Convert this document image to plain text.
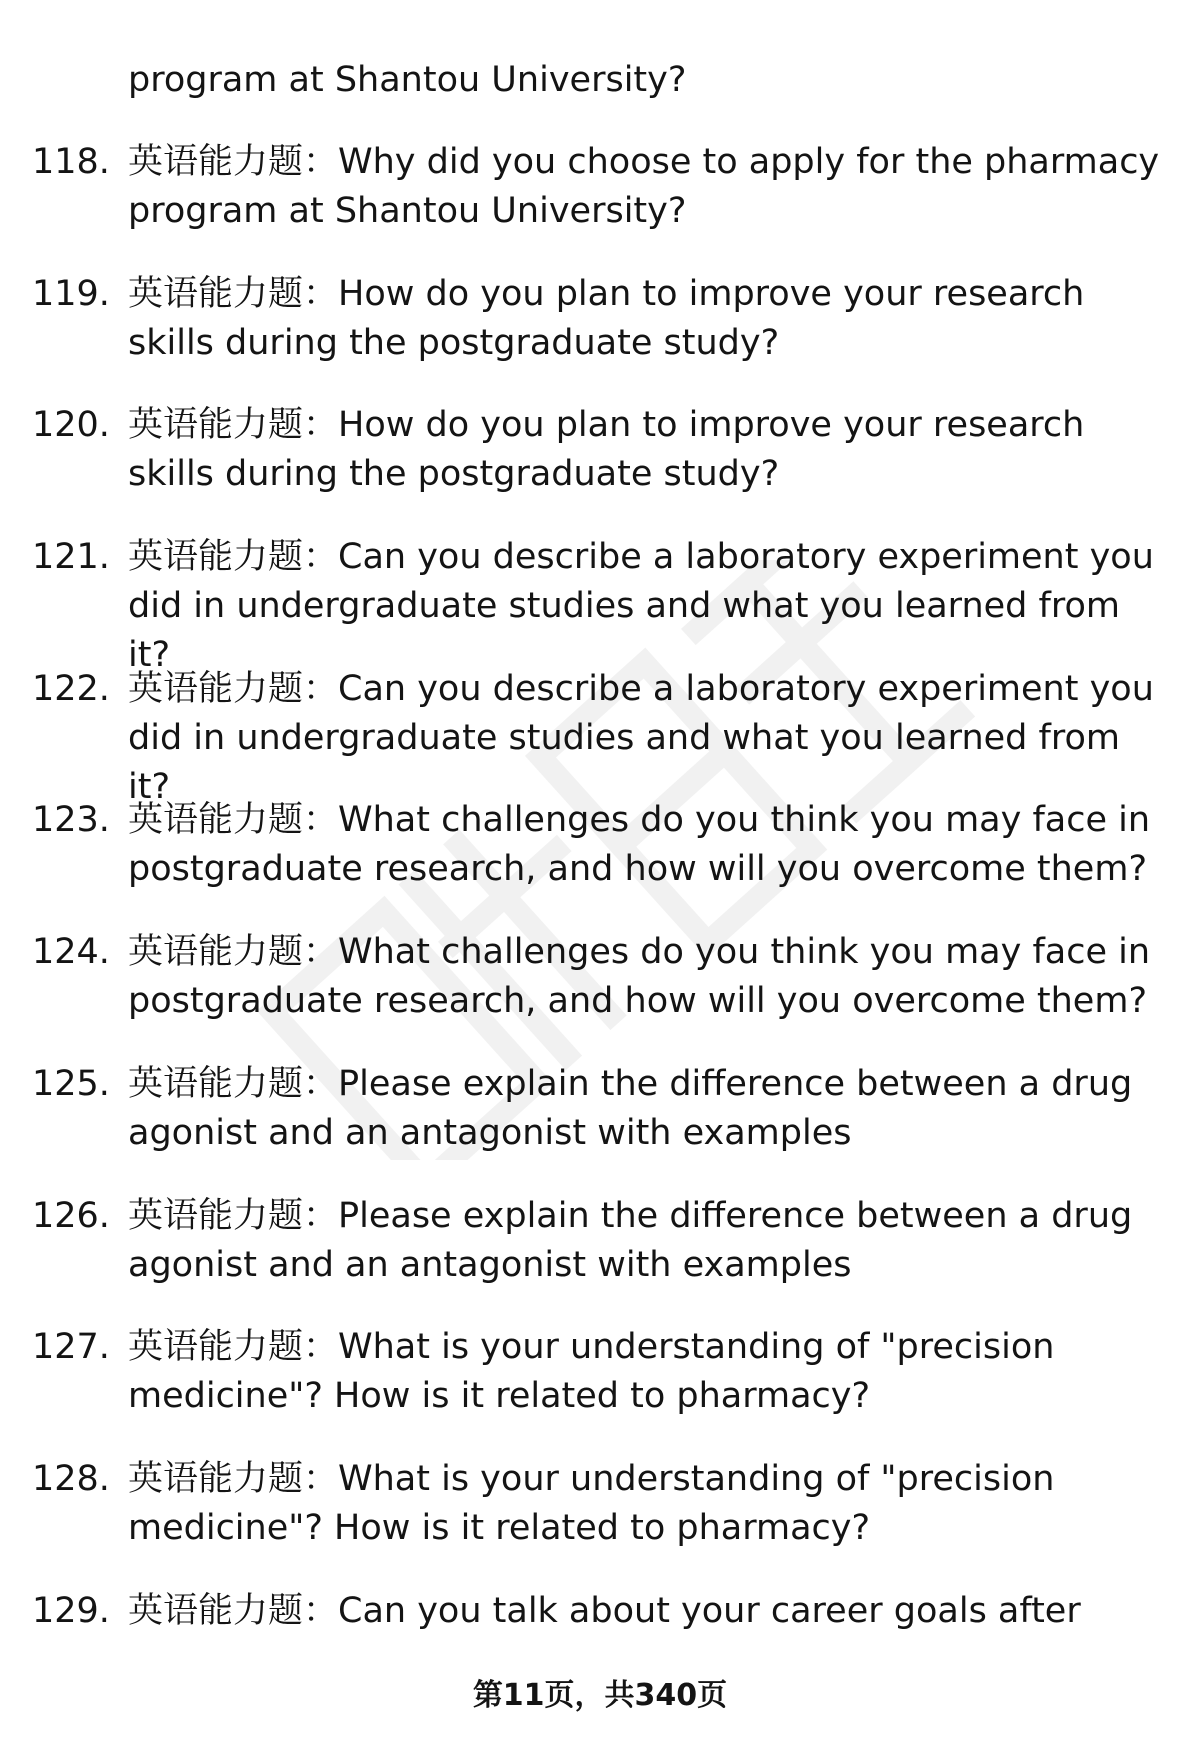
program at Shantou University?
118. 英语能力题：Why did you choose to apply for the pharmacy program at Shantou University?
119. 英语能力题：How do you plan to improve your research skills during the postgraduate study?
120. 英语能力题：How do you plan to improve your research skills during the postgraduate study?
121. 英语能力题：Can you describe a laboratory experiment you did in undergraduate studies and what you learned from it?
122. 英语能力题：Can you describe a laboratory experiment you did in undergraduate studies and what you learned from it?
123. 英语能力题：What challenges do you think you may face in postgraduate research, and how will you overcome them?
124. 英语能力题：What challenges do you think you may face in postgraduate research, and how will you overcome them?
125. 英语能力题：Please explain the difference between a drug agonist and an antagonist with examples
126. 英语能力题：Please explain the difference between a drug agonist and an antagonist with examples
127. 英语能力题：What is your understanding of "precision medicine"? How is it related to pharmacy?
128. 英语能力题：What is your understanding of "precision medicine"? How is it related to pharmacy?
129. 英语能力题：Can you talk about your career goals after
第11页，共340页
